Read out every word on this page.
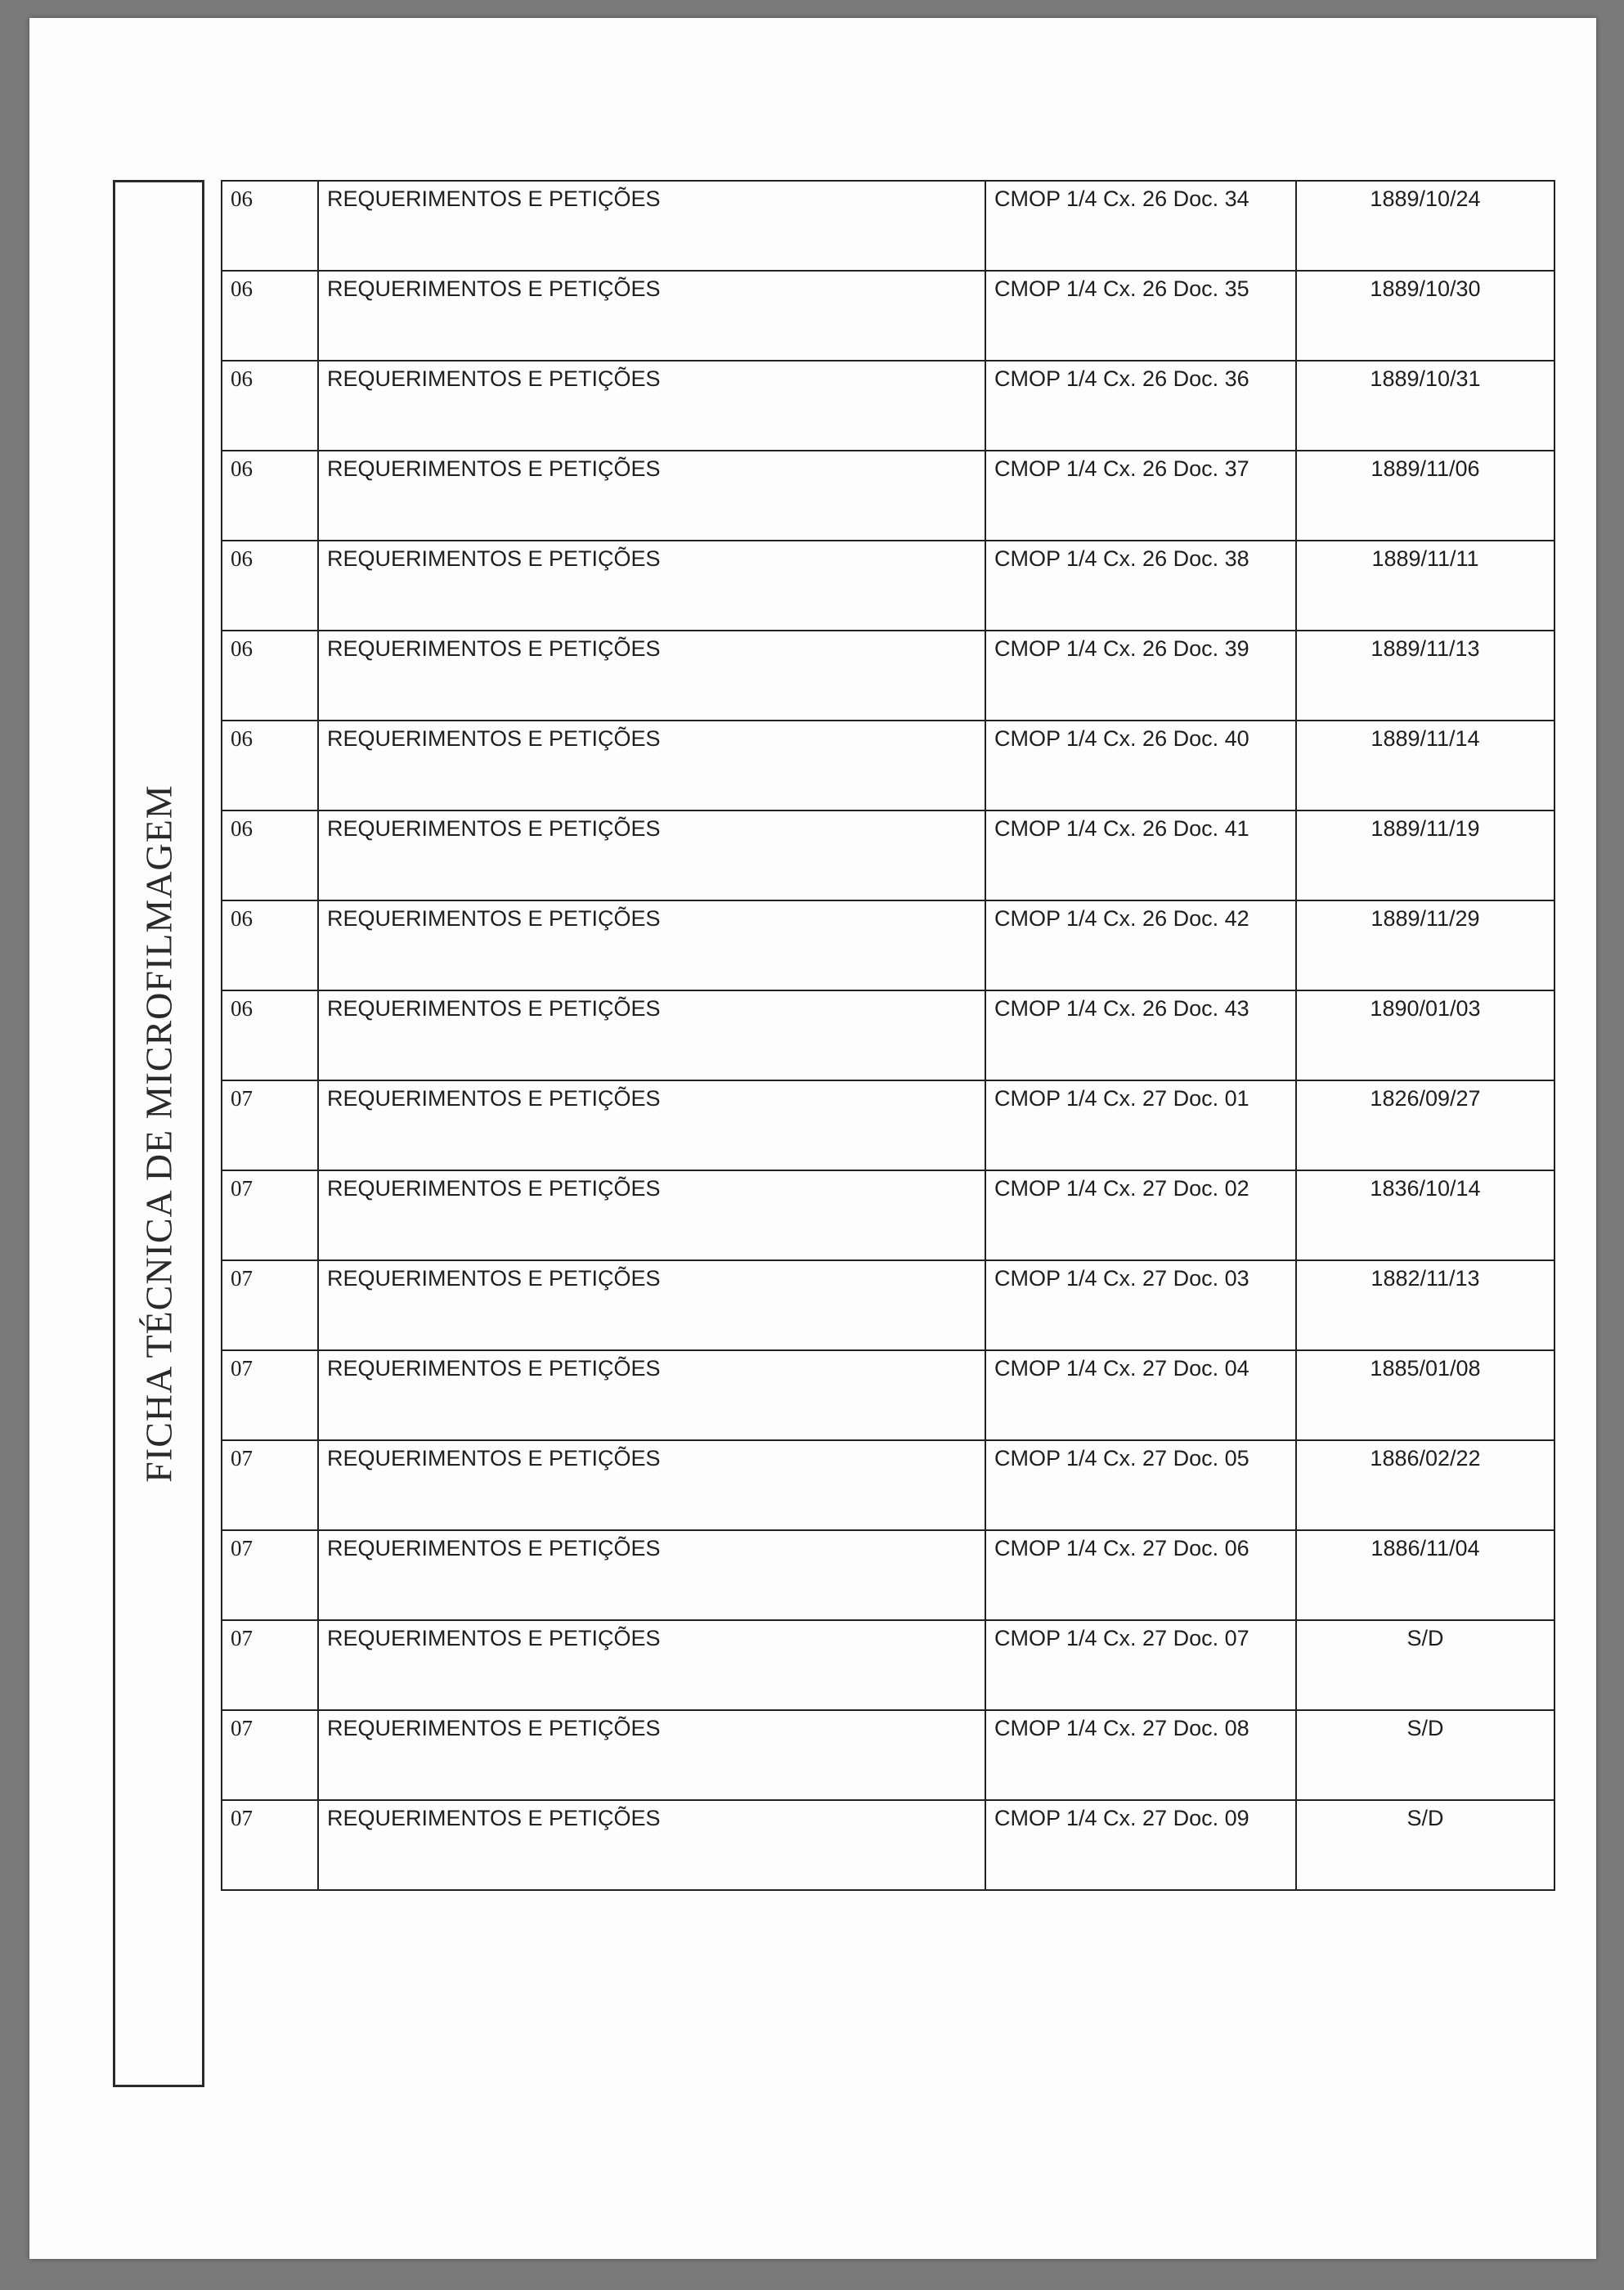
FICHA TÉCNICA DE MICROFILMAGEM
06	REQUERIMENTOS E PETIÇÕES	CMOP 1/4 Cx. 26 Doc. 34	1889/10/24
06	REQUERIMENTOS E PETIÇÕES	CMOP 1/4 Cx. 26 Doc. 35	1889/10/30
06	REQUERIMENTOS E PETIÇÕES	CMOP 1/4 Cx. 26 Doc. 36	1889/10/31
06	REQUERIMENTOS E PETIÇÕES	CMOP 1/4 Cx. 26 Doc. 37	1889/11/06
06	REQUERIMENTOS E PETIÇÕES	CMOP 1/4 Cx. 26 Doc. 38	1889/11/11
06	REQUERIMENTOS E PETIÇÕES	CMOP 1/4 Cx. 26 Doc. 39	1889/11/13
06	REQUERIMENTOS E PETIÇÕES	CMOP 1/4 Cx. 26 Doc. 40	1889/11/14
06	REQUERIMENTOS E PETIÇÕES	CMOP 1/4 Cx. 26 Doc. 41	1889/11/19
06	REQUERIMENTOS E PETIÇÕES	CMOP 1/4 Cx. 26 Doc. 42	1889/11/29
06	REQUERIMENTOS E PETIÇÕES	CMOP 1/4 Cx. 26 Doc. 43	1890/01/03
07	REQUERIMENTOS E PETIÇÕES	CMOP 1/4 Cx. 27 Doc. 01	1826/09/27
07	REQUERIMENTOS E PETIÇÕES	CMOP 1/4 Cx. 27 Doc. 02	1836/10/14
07	REQUERIMENTOS E PETIÇÕES	CMOP 1/4 Cx. 27 Doc. 03	1882/11/13
07	REQUERIMENTOS E PETIÇÕES	CMOP 1/4 Cx. 27 Doc. 04	1885/01/08
07	REQUERIMENTOS E PETIÇÕES	CMOP 1/4 Cx. 27 Doc. 05	1886/02/22
07	REQUERIMENTOS E PETIÇÕES	CMOP 1/4 Cx. 27 Doc. 06	1886/11/04
07	REQUERIMENTOS E PETIÇÕES	CMOP 1/4 Cx. 27 Doc. 07	S/D
07	REQUERIMENTOS E PETIÇÕES	CMOP 1/4 Cx. 27 Doc. 08	S/D
07	REQUERIMENTOS E PETIÇÕES	CMOP 1/4 Cx. 27 Doc. 09	S/D
